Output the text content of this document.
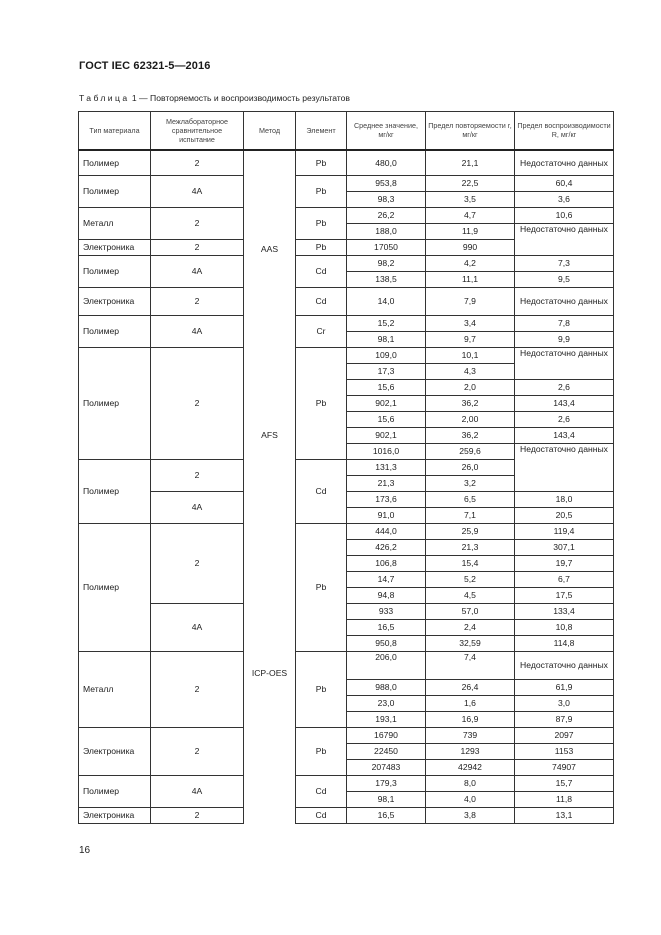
ГОСТ IEC 62321-5—2016
Таблица 1 — Повторяемость и воспроизводимость результатов
Тип материала	Межлабораторное сравнительное испытание	Метод	Элемент	Среднее значение, мг/кг	Предел повторяемости r, мг/кг	Предел воспроизводимости R, мг/кг
Полимер	2	AAS	Pb	480,0	21,1	Недостаточно данных
Полимер	4A		Pb	953,8	22,5	60,4
				98,3	3,5	3,6
Металл	2		Pb	26,2	4,7	10,6
				188,0	11,9	Недостаточно данных
Электроника	2		Pb	17050	990	
Полимер	4A		Cd	98,2	4,2	7,3
				138,5	11,1	9,5
Электроника	2		Cd	14,0	7,9	Недостаточно данных
Полимер	4A		Cr	15,2	3,4	7,8
				98,1	9,7	9,9
Полимер	2	AFS	Pb	109,0	10,1	Недостаточно данных
				17,3	4,3	
				15,6	2,0	2,6
				902,1	36,2	143,4
				15,6	2,00	2,6
				902,1	36,2	143,4
				1016,0	259,6	Недостаточно данных
Полимер	2		Cd	131,3	26,0	
				21,3	3,2	
	4A			173,6	6,5	18,0
				91,0	7,1	20,5
Полимер	2	ICP-OES	Pb	444,0	25,9	119,4
				426,2	21,3	307,1
				106,8	15,4	19,7
				14,7	5,2	6,7
				94,8	4,5	17,5
	4A			933	57,0	133,4
				16,5	2,4	10,8
				950,8	32,59	114,8
Металл	2		Pb	206,0	7,4	Недостаточно данных
				988,0	26,4	61,9
				23,0	1,6	3,0
				193,1	16,9	87,9
Электроника	2		Pb	16790	739	2097
				22450	1293	1153
				207483	42942	74907
Полимер	4A		Cd	179,3	8,0	15,7
				98,1	4,0	11,8
Электроника	2		Cd	16,5	3,8	13,1
16
